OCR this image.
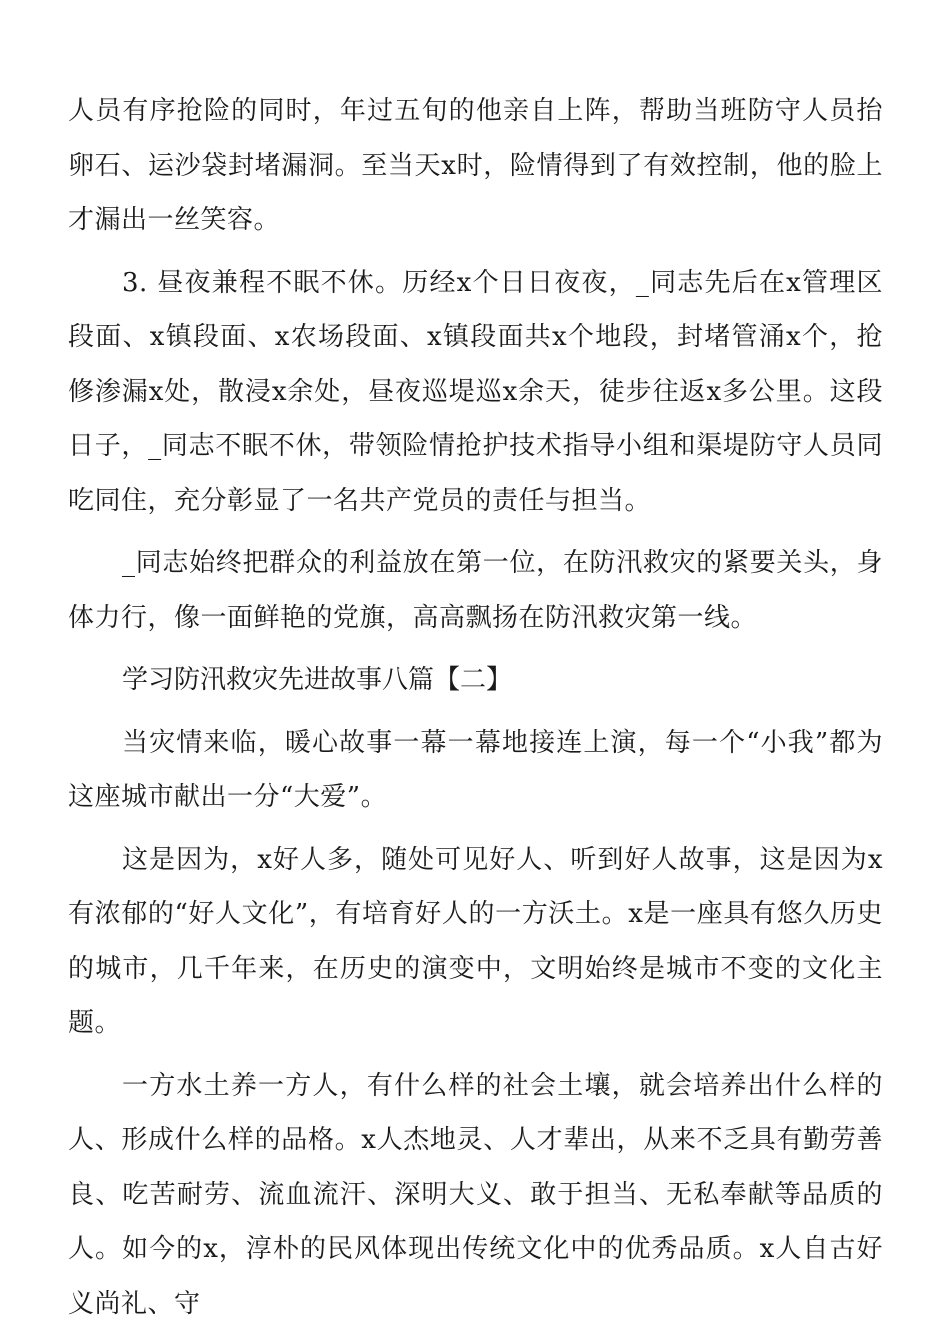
人员有序抢险的同时，年过五旬的他亲自上阵，帮助当班防守人员抬卵石、运沙袋封堵漏洞。至当天x时，险情得到了有效控制，他的脸上才漏出一丝笑容。

3. 昼夜兼程不眠不休。历经x个日日夜夜，_同志先后在x管理区段面、x镇段面、x农场段面、x镇段面共x个地段，封堵管涌x个，抢修渗漏x处，散浸x余处，昼夜巡堤巡x余天，徒步往返x多公里。这段日子，_同志不眠不休，带领险情抢护技术指导小组和渠堤防守人员同吃同住，充分彰显了一名共产党员的责任与担当。

_同志始终把群众的利益放在第一位，在防汛救灾的紧要关头，身体力行，像一面鲜艳的党旗，高高飘扬在防汛救灾第一线。

学习防汛救灾先进故事八篇【二】

当灾情来临，暖心故事一幕一幕地接连上演，每一个“小我”都为这座城市献出一分“大爱”。

这是因为，x好人多，随处可见好人、听到好人故事，这是因为x有浓郁的“好人文化”，有培育好人的一方沃土。x是一座具有悠久历史的城市，几千年来，在历史的演变中，文明始终是城市不变的文化主题。

一方水土养一方人，有什么样的社会土壤，就会培养出什么样的人、形成什么样的品格。x人杰地灵、人才辈出，从来不乏具有勤劳善良、吃苦耐劳、流血流汗、深明大义、敢于担当、无私奉献等品质的人。如今的x，淳朴的民风体现出传统文化中的优秀品质。x人自古好义尚礼、守
